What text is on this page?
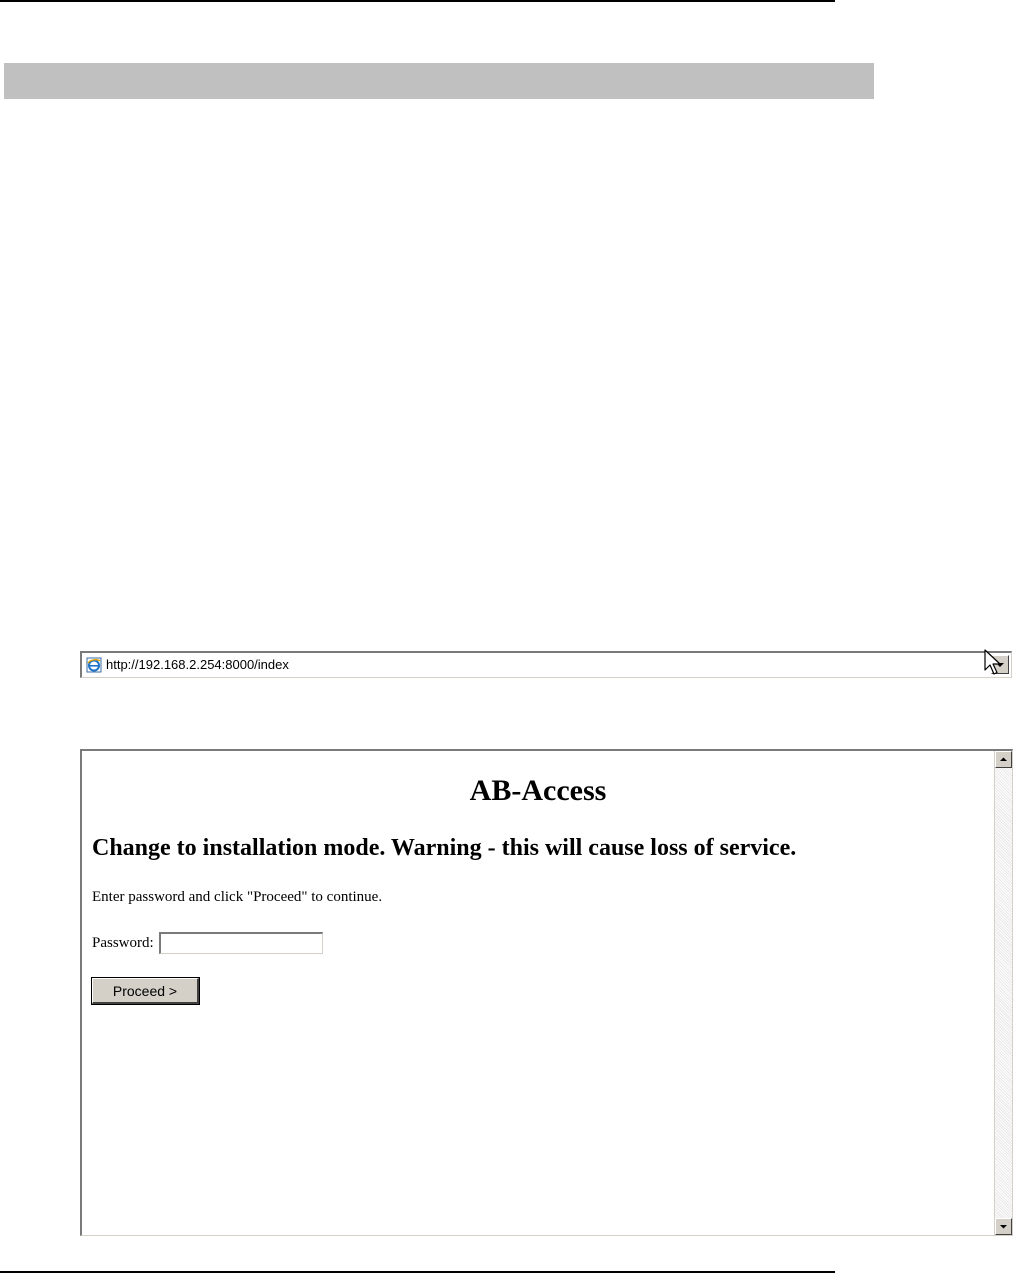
http://192.168.2.254:8000/index
AB-Access
Change to installation mode. Warning - this will cause loss of service.
Enter password and click "Proceed" to continue.
Password:
Proceed >
